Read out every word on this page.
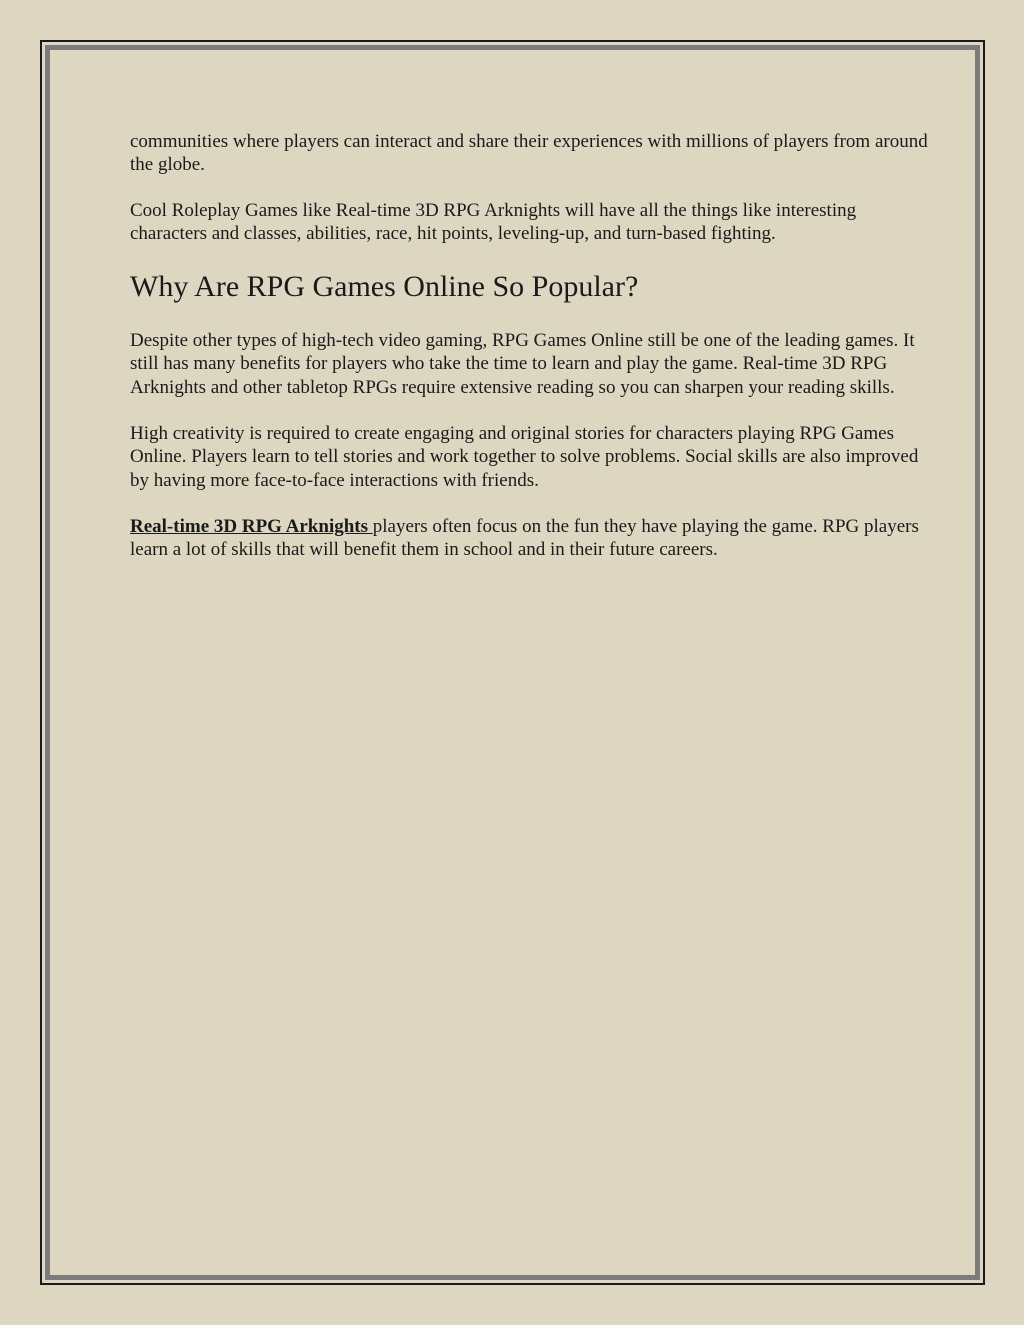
communities where players can interact and share their experiences with millions of players from around the globe.

Cool Roleplay Games like Real-time 3D RPG Arknights will have all the things like interesting characters and classes, abilities, race, hit points, leveling-up, and turn-based fighting.

Why Are RPG Games Online So Popular?

Despite other types of high-tech video gaming, RPG Games Online still be one of the leading games. It still has many benefits for players who take the time to learn and play the game. Real-time 3D RPG Arknights and other tabletop RPGs require extensive reading so you can sharpen your reading skills.

High creativity is required to create engaging and original stories for characters playing RPG Games Online. Players learn to tell stories and work together to solve problems. Social skills are also improved by having more face-to-face interactions with friends.

Real-time 3D RPG Arknights players often focus on the fun they have playing the game. RPG players learn a lot of skills that will benefit them in school and in their future careers.
